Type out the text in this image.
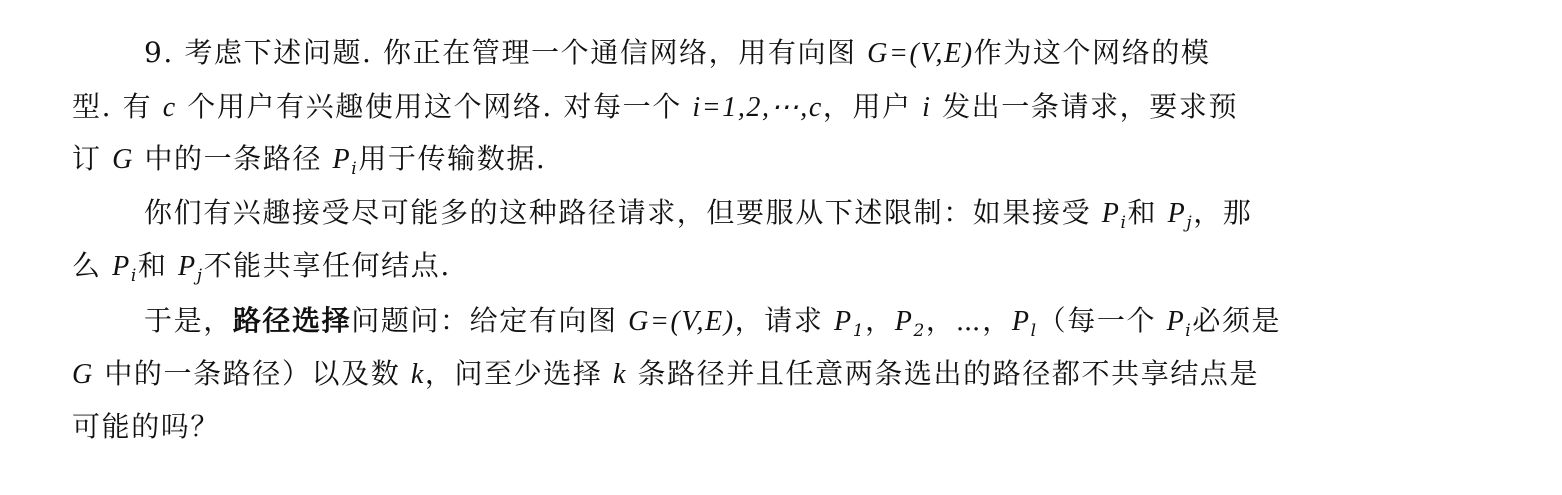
9. 考虑下述问题. 你正在管理一个通信网络，用有向图 G=(V,E)作为这个网络的模
型. 有 c 个用户有兴趣使用这个网络. 对每一个 i=1,2,⋯,c，用户 i 发出一条请求，要求预
订 G 中的一条路径 $P_i$用于传输数据.
你们有兴趣接受尽可能多的这种路径请求，但要服从下述限制：如果接受 $P_i$和 $P_j$，那
么 $P_i$和 $P_j$不能共享任何结点.
于是，路径选择问题问：给定有向图 G=(V,E)，请求 $P_1$，$P_2$，⋯，$P_l$（每一个 $P_i$必须是
G 中的一条路径）以及数 k，问至少选择 k 条路径并且任意两条选出的路径都不共享结点是
可能的吗？
